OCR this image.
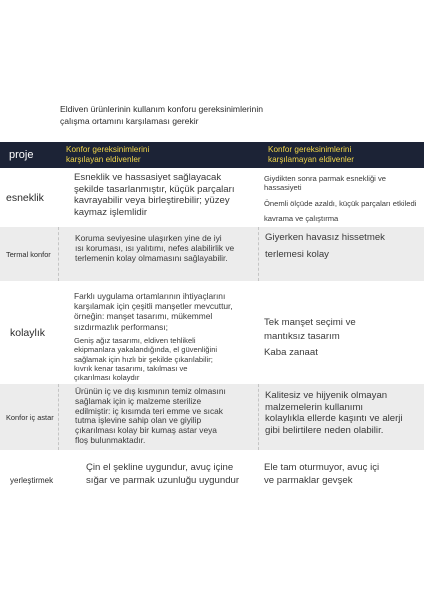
Eldiven ürünlerinin kullanım konforu gereksinimlerinin
çalışma ortamını karşılaması gerekir
proje	Konfor gereksinimlerini
karşılayan eldivenler
Konfor gereksinimlerini
karşılamayan eldivenler
esneklik

Esneklik ve hassasiyet sağlayacak

şekilde tasarlanmıştır, küçük parçaları

kavrayabilir veya birleştirebilir; yüzey

kaymaz işlemlidir

Giydikten sonra parmak esnekliği ve hassasiyeti

Önemli ölçüde azaldı, küçük parçaları etkiledi

kavrama ve çalıştırma

Termal konfor

Koruma seviyesine ulaşırken yine de iyi

ısı koruması, ısı yalıtımı, nefes alabilirlik ve

terlemenin kolay olmamasını sağlayabilir.

Giyerken havasız hissetmek

terlemesi kolay

kolaylık

Farklı uygulama ortamlarının ihtiyaçlarını

karşılamak için çeşitli manşetler mevcuttur,

örneğin: manşet tasarımı, mükemmel

sızdırmazlık performansı;

Geniş ağız tasarımı, eldiven tehlikeli

ekipmanlara yakalandığında, el güvenliğini

sağlamak için hızlı bir şekilde çıkarılabilir;

kıvrık kenar tasarımı, takılması ve

çıkarılması kolaydır

Tek manşet seçimi ve

mantıksız tasarım

Kaba zanaat

Konfor iç astar

Ürünün iç ve dış kısmının temiz olmasını

sağlamak için iç malzeme sterilize

edilmiştir: iç kısımda teri emme ve sıcak

tutma işlevine sahip olan ve giyilip

çıkarılması kolay bir kumaş astar veya

floş bulunmaktadır.

Kalitesiz ve hijyenik olmayan

malzemelerin kullanımı

kolaylıkla ellerde kaşıntı ve alerji

gibi belirtilere neden olabilir.

yerleştirmek

Çin el şekline uygundur, avuç içine

sığar ve parmak uzunluğu uygundur

Ele tam oturmuyor, avuç içi

ve parmaklar gevşek
